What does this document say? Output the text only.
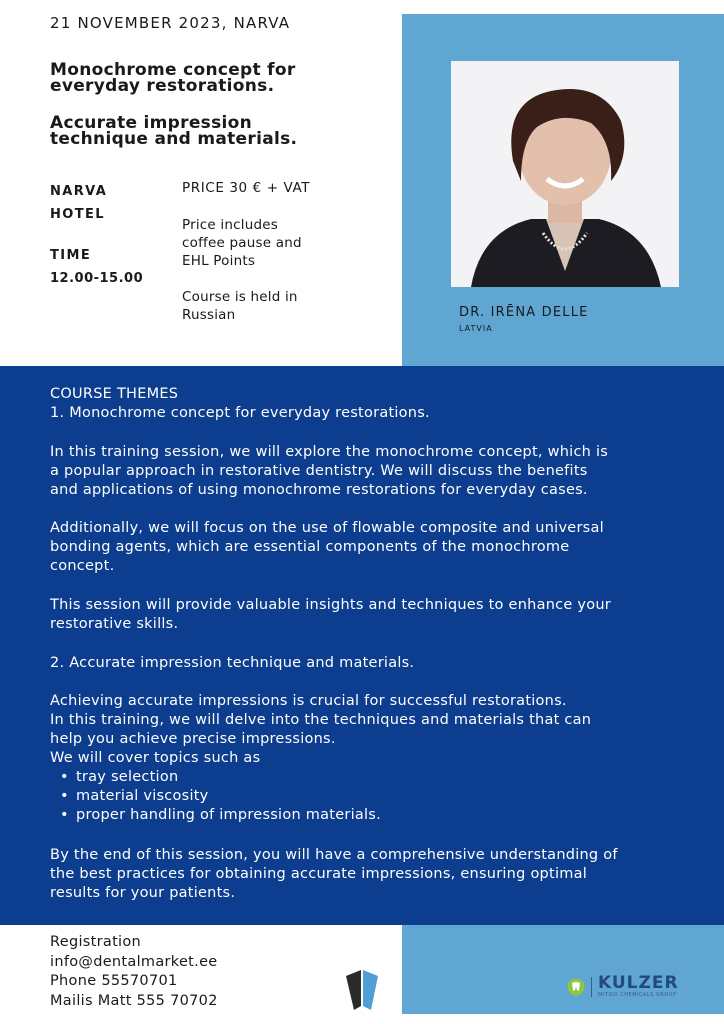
21 NOVEMBER 2023, NARVA
Monochrome concept for
everyday restorations.
Accurate impression
technique and materials.
NARVA
HOTEL
TIME
12.00-15.00
PRICE 30 € + VAT
Price includes
coffee pause and
EHL Points
Course is held in
Russian	DR. IRĒNA DELLE
LATVIA
COURSE THEMES
1. Monochrome concept for everyday restorations.
In this training session, we will explore the monochrome concept, which is
a popular approach in restorative dentistry. We will discuss the benefits
and applications of using monochrome restorations for everyday cases.
Additionally, we will focus on the use of flowable composite and universal
bonding agents, which are essential components of the monochrome
concept.
This session will provide valuable insights and techniques to enhance your
restorative skills.
2. Accurate impression technique and materials.
Achieving accurate impressions is crucial for successful restorations.
In this training, we will delve into the techniques and materials that can
help you achieve precise impressions.
We will cover topics such as
• tray selection
• material viscosity
• proper handling of impression materials.
By the end of this session, you will have a comprehensive understanding of
the best practices for obtaining accurate impressions, ensuring optimal
results for your patients.
Registration
info@dentalmarket.ee
Phone 55570701
Mailis Matt 555 70702
KULZER
MITSUI CHEMICALS GROUP
